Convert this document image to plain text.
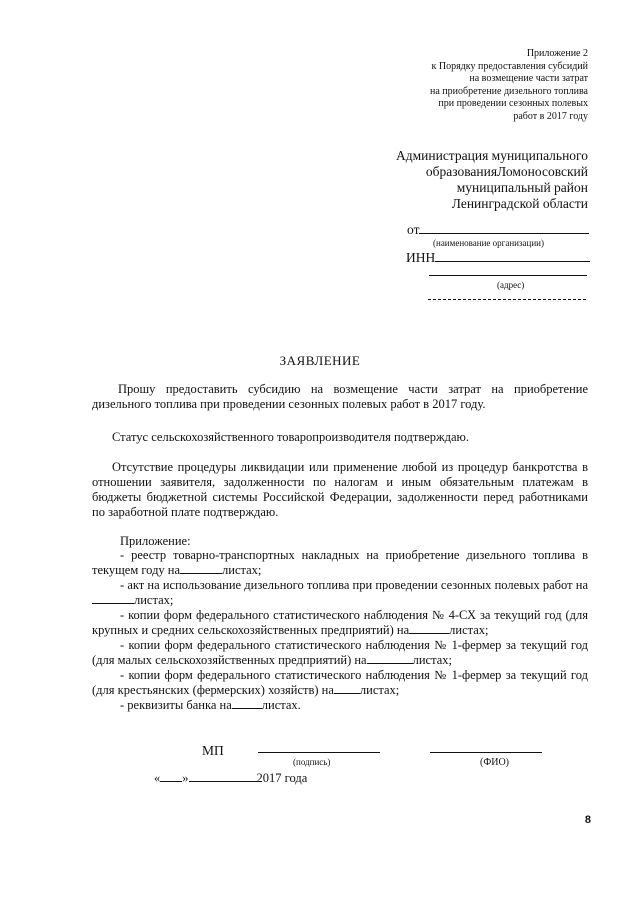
Приложение 2
к Порядку предоставления субсидий
на возмещение части затрат
на приобретение дизельного топлива
при проведении сезонных полевых
работ в 2017 году
Администрация муниципального
образованияЛомоносовский
муниципальный район
Ленинградской области
от
(наименование организации)
ИНН
(адрес)
ЗАЯВЛЕНИЕ
Прошу предоставить субсидию на возмещение части затрат на приобретение дизельного топлива при проведении сезонных полевых работ в 2017 году.
Статус сельскохозяйственного товаропроизводителя подтверждаю.
Отсутствие процедуры ликвидации или применение любой из процедур банкротства в отношении заявителя, задолженности по налогам и иным обязательным платежам в бюджеты бюджетной системы Российской Федерации, задолженности перед работниками по заработной плате подтверждаю.
Приложение:
- реестр товарно-транспортных накладных на приобретение дизельного топлива в текущем году на	листах;
- акт на использование дизельного топлива при проведении сезонных полевых работ налистах;
- копии форм федерального статистического наблюдения № 4-СХ за текущий год (для крупных и средних сельскохозяйственных предприятий) на	листах;
- копии форм федерального статистического наблюдения № 1-фермер за текущий год (для малых сельскохозяйственных предприятий) на	листах;
- копии форм федерального статистического наблюдения № 1-фермер за текущий год (для крестьянских (фермерских) хозяйств) на листах;
- реквизиты банка на листах.
МП
(подпись)	(ФИО)
« »	2017 года
8
